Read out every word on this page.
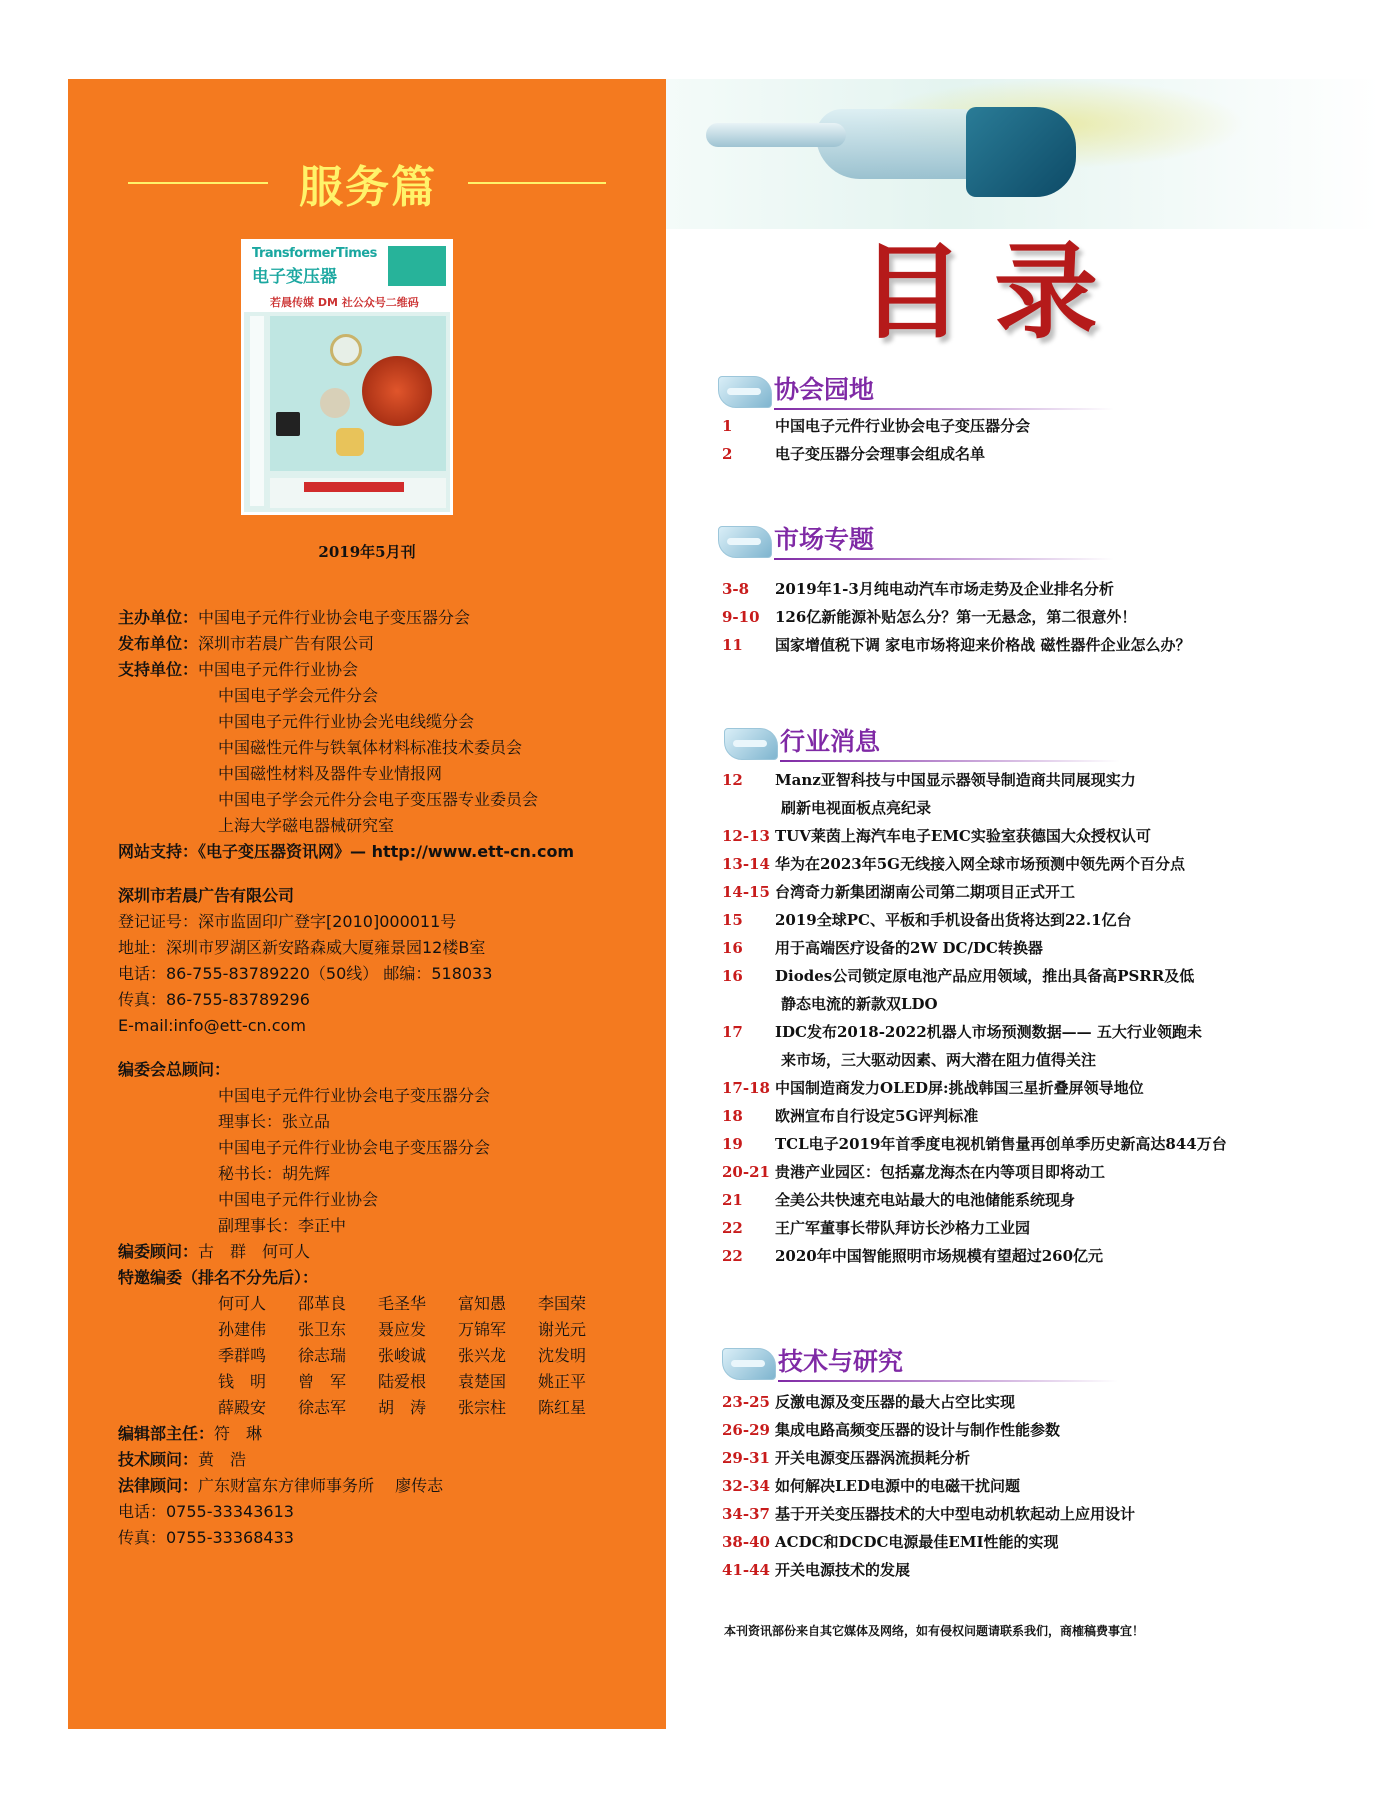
服务篇
TransformerTimes
电子变压器
若晨传媒 DM 社公众号二维码
2019年5月刊
主办单位：中国电子元件行业协会电子变压器分会
发布单位：深圳市若晨广告有限公司
支持单位：中国电子元件行业协会
中国电子学会元件分会
中国电子元件行业协会光电线缆分会
中国磁性元件与铁氧体材料标准技术委员会
中国磁性材料及器件专业情报网
中国电子学会元件分会电子变压器专业委员会
上海大学磁电器械研究室
网站支持：《电子变压器资讯网》— http://www.ett-cn.com
深圳市若晨广告有限公司
登记证号：深市监固印广登字[2010]000011号
地址：深圳市罗湖区新安路森威大厦雍景园12楼B室
电话：86-755-83789220（50线） 邮编：518033
传真：86-755-83789296
E-mail:info@ett-cn.com
编委会总顾问：
中国电子元件行业协会电子变压器分会
理事长：张立品
中国电子元件行业协会电子变压器分会
秘书长：胡先辉
中国电子元件行业协会
副理事长：李正中
编委顾问：古　群　何可人
特邀编委（排名不分先后）：
何可人	邵革良	毛圣华	富知愚	李国荣
孙建伟	张卫东	聂应发	万锦军	谢光元
季群鸣	徐志瑞	张峻诚	张兴龙	沈发明
钱　明	曾　军	陆爱根	袁楚国	姚正平
薛殿安	徐志军	胡　涛	张宗柱	陈红星
编辑部主任：符　琳
技术顾问：黄　浩
法律顾问：广东财富东方律师事务所　 廖传志
电话：0755-33343613
传真：0755-33368433
目录
协会园地
1	中国电子元件行业协会电子变压器分会
2	电子变压器分会理事会组成名单
市场专题
3-8	2019年1-3月纯电动汽车市场走势及企业排名分析
9-10	126亿新能源补贴怎么分？第一无悬念，第二很意外！
11	国家增值税下调 家电市场将迎来价格战 磁性器件企业怎么办？
行业消息
12	Manz亚智科技与中国显示器领导制造商共同展现实力
刷新电视面板点亮纪录
12-13 TUV莱茵上海汽车电子EMC实验室获德国大众授权认可
13-14 华为在2023年5G无线接入网全球市场预测中领先两个百分点
14-15 台湾奇力新集团湖南公司第二期项目正式开工
15	2019全球PC、平板和手机设备出货将达到22.1亿台
16	用于高端医疗设备的2W DC/DC转换器
16	Diodes公司锁定原电池产品应用领域，推出具备高PSRR及低
静态电流的新款双LDO
17	IDC发布2018-2022机器人市场预测数据—— 五大行业领跑未
来市场，三大驱动因素、两大潜在阻力值得关注
17-18 中国制造商发力OLED屏:挑战韩国三星折叠屏领导地位
18	欧洲宣布自行设定5G评判标准
19	TCL电子2019年首季度电视机销售量再创单季历史新高达844万台
20-21 贵港产业园区：包括嘉龙海杰在内等项目即将动工
21	全美公共快速充电站最大的电池储能系统现身
22	王广军董事长带队拜访长沙格力工业园
22	2020年中国智能照明市场规模有望超过260亿元
技术与研究
23-25 反激电源及变压器的最大占空比实现
26-29 集成电路高频变压器的设计与制作性能参数
29-31 开关电源变压器涡流损耗分析
32-34 如何解决LED电源中的电磁干扰问题
34-37 基于开关变压器技术的大中型电动机软起动上应用设计
38-40 ACDC和DCDC电源最佳EMI性能的实现
41-44 开关电源技术的发展
本刊资讯部份来自其它媒体及网络，如有侵权问题请联系我们，商榷稿费事宜！
